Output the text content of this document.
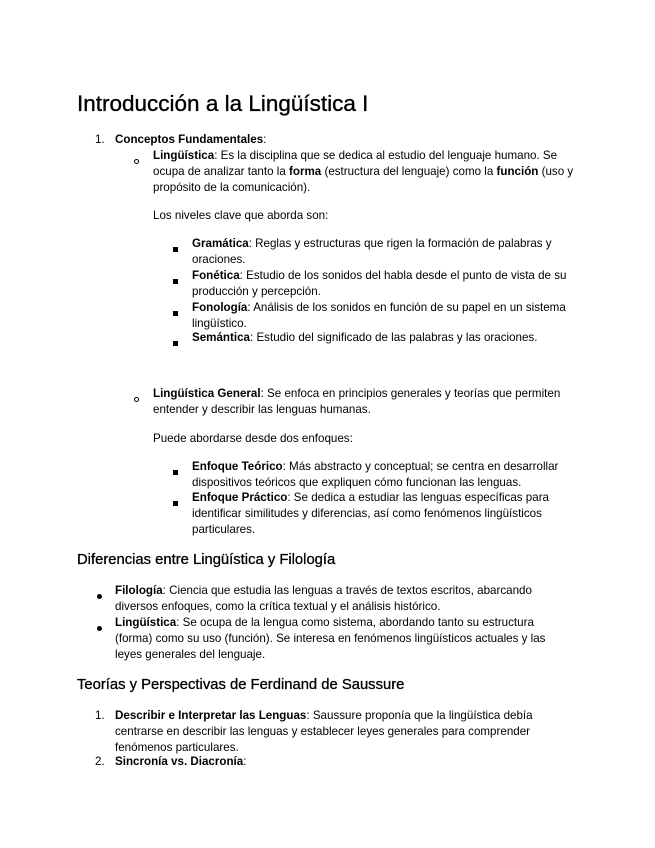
Introducción a la Lingüística I
1. Conceptos Fundamentales:
Lingüística: Es la disciplina que se dedica al estudio del lenguaje humano. Se ocupa de analizar tanto la forma (estructura del lenguaje) como la función (uso y propósito de la comunicación).

Los niveles clave que aborda son:

Gramática: Reglas y estructuras que rigen la formación de palabras y oraciones.
Fonética: Estudio de los sonidos del habla desde el punto de vista de su producción y percepción.
Fonología: Análisis de los sonidos en función de su papel en un sistema lingüístico.
Semántica: Estudio del significado de las palabras y las oraciones.
Lingüística General: Se enfoca en principios generales y teorías que permiten entender y describir las lenguas humanas.

Puede abordarse desde dos enfoques:

Enfoque Teórico: Más abstracto y conceptual; se centra en desarrollar dispositivos teóricos que expliquen cómo funcionan las lenguas.
Enfoque Práctico: Se dedica a estudiar las lenguas específicas para identificar similitudes y diferencias, así como fenómenos lingüísticos particulares.
Diferencias entre Lingüística y Filología
Filología: Ciencia que estudia las lenguas a través de textos escritos, abarcando diversos enfoques, como la crítica textual y el análisis histórico.
Lingüística: Se ocupa de la lengua como sistema, abordando tanto su estructura (forma) como su uso (función). Se interesa en fenómenos lingüísticos actuales y las leyes generales del lenguaje.
Teorías y Perspectivas de Ferdinand de Saussure
1. Describir e Interpretar las Lenguas: Saussure proponía que la lingüística debía centrarse en describir las lenguas y establecer leyes generales para comprender fenómenos particulares.
2. Sincronía vs. Diacronía:
